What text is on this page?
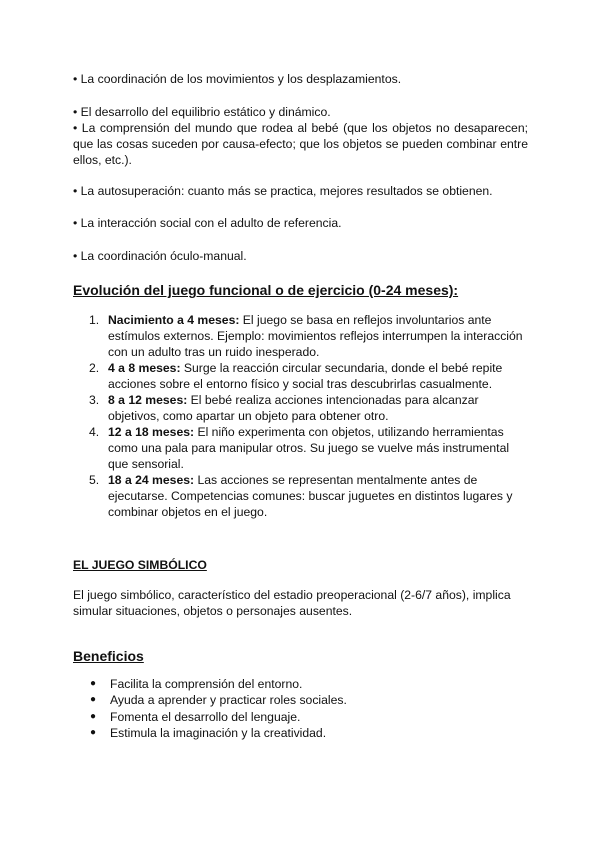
• La coordinación de los movimientos y los desplazamientos.

• El desarrollo del equilibrio estático y dinámico.

• La comprensión del mundo que rodea al bebé (que los objetos no desaparecen; que las cosas suceden por causa-efecto; que los objetos se pueden combinar entre ellos, etc.).

• La autosuperación: cuanto más se practica, mejores resultados se obtienen.

• La interacción social con el adulto de referencia.

• La coordinación óculo-manual.

Evolución del juego funcional o de ejercicio (0-24 meses):
1. Nacimiento a 4 meses: El juego se basa en reflejos involuntarios ante estímulos externos. Ejemplo: movimientos reflejos interrumpen la interacción con un adulto tras un ruido inesperado.
2. 4 a 8 meses: Surge la reacción circular secundaria, donde el bebé repite acciones sobre el entorno físico y social tras descubrirlas casualmente.
3. 8 a 12 meses: El bebé realiza acciones intencionadas para alcanzar objetivos, como apartar un objeto para obtener otro.
4. 12 a 18 meses: El niño experimenta con objetos, utilizando herramientas como una pala para manipular otros. Su juego se vuelve más instrumental que sensorial.
5. 18 a 24 meses: Las acciones se representan mentalmente antes de ejecutarse. Competencias comunes: buscar juguetes en distintos lugares y combinar objetos en el juego.
EL JUEGO SIMBÓLICO

El juego simbólico, característico del estadio preoperacional (2-6/7 años), implica simular situaciones, objetos o personajes ausentes.

Beneficios
● Facilita la comprensión del entorno.
● Ayuda a aprender y practicar roles sociales.
● Fomenta el desarrollo del lenguaje.
● Estimula la imaginación y la creatividad.
